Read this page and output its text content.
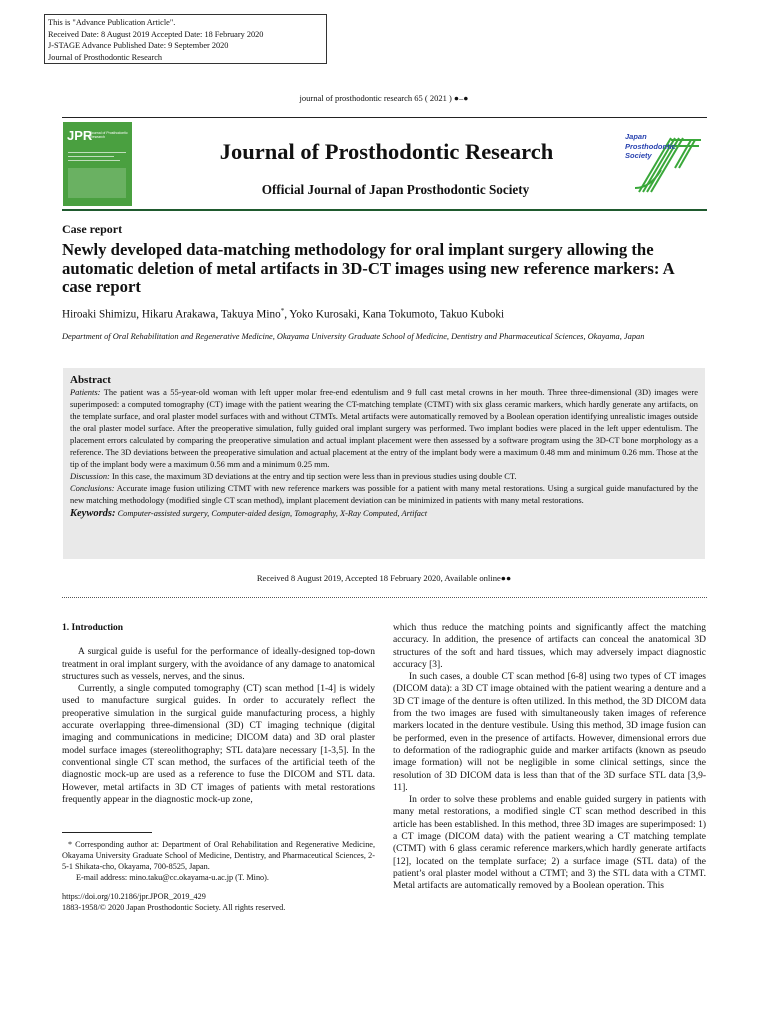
This is "Advance Publication Article".
Received Date: 8 August 2019 Accepted Date: 18 February 2020
J-STAGE Advance Published Date: 9 September 2020
Journal of Prosthodontic Research
journal of prosthodontic research 65 ( 2021 ) ●–●
JPR
Journal of Prosthodontic Research
Journal of Prosthodontic Research
Official Journal of Japan Prosthodontic Society
Japan
Prosthodontic
Society
Case report
Newly developed data-matching methodology for oral implant surgery allowing the automatic deletion of metal artifacts in 3D-CT images using new reference markers: A case report
Hiroaki Shimizu, Hikaru Arakawa, Takuya Mino*, Yoko Kurosaki, Kana Tokumoto, Takuo Kuboki
Department of Oral Rehabilitation and Regenerative Medicine, Okayama University Graduate School of Medicine, Dentistry and Pharmaceutical Sciences, Okayama, Japan
Abstract

Patients: The patient was a 55-year-old woman with left upper molar free-end edentulism and 9 full cast metal crowns in her mouth. Three three-dimensional (3D) images were superimposed: a computed tomography (CT) image with the patient wearing the CT-matching template (CTMT) with six glass ceramic markers, which hardly generate any artifacts, on the template surface, and oral plaster model surfaces with and without CTMTs. Metal artifacts were automatically removed by a Boolean operation identifying unrealistic images outside the oral plaster model surface. After the preoperative simulation, fully guided oral implant surgery was performed. Two implant bodies were placed in the left upper edentulism. The placement errors calculated by comparing the preoperative simulation and actual implant placement were then assessed by a software program using the 3D-CT bone morphology as a reference. The 3D deviations between the preoperative simulation and actual placement at the entry of the implant body were a maximum 0.48 mm and minimum 0.26 mm. Those at the tip of the implant body were a maximum 0.56 mm and a minimum 0.25 mm.
Discussion: In this case, the maximum 3D deviations at the entry and tip section were less than in previous studies using double CT.
Conclusions: Accurate image fusion utilizing CTMT with new reference markers was possible for a patient with many metal restorations. Using a surgical guide manufactured by the new matching methodology (modified single CT scan method), implant placement deviation can be minimized in patients with many metal restorations.

Keywords: Computer-assisted surgery, Computer-aided design, Tomography, X-Ray Computed, Artifact
Received 8 August 2019, Accepted 18 February 2020, Available online●●
1. Introduction

A surgical guide is useful for the performance of ideally-designed top-down treatment in oral implant surgery, with the avoidance of any damage to anatomical structures such as vessels, nerves, and the sinus.

Currently, a single computed tomography (CT) scan method [1-4] is widely used to manufacture surgical guides. In order to accurately reflect the preoperative simulation in the surgical guide manufacturing process, a highly accurate overlapping three-dimensional (3D) CT imaging technique (digital imaging and communications in medicine; DICOM data) and 3D oral plaster model surface images (stereolithography; STL data)are necessary [1-3,5]. In the conventional single CT scan method, the surfaces of the artificial teeth of the diagnostic mock-up are used as a reference to fuse the DICOM and STL data. However, metal artifacts in 3D CT images of patients with metal restorations frequently appear in the diagnostic mock-up zone,

which thus reduce the matching points and significantly affect the matching accuracy. In addition, the presence of artifacts can conceal the anatomical 3D structures of the soft and hard tissues, which may adversely impact diagnostic accuracy [3].

In such cases, a double CT scan method [6-8] using two types of CT images (DICOM data): a 3D CT image obtained with the patient wearing a denture and a 3D CT image of the denture is often utilized. In this method, the 3D DICOM data from the two images are fused with simultaneously taken images of reference markers located in the denture vestibule. Using this method, 3D image fusion can be performed, even in the presence of artifacts. However, dimensional errors due to deformation of the radiographic guide and marker artifacts (known as pseudo image formation) will not be negligible in some clinical settings, since the resolution of 3D DICOM data is less than that of the 3D surface STL data [3,9-11].

In order to solve these problems and enable guided surgery in patients with many metal restorations, a modified single CT scan method described in this article has been established. In this method, three 3D images are superimposed: 1) a CT image (DICOM data) with the patient wearing a CT matching template (CTMT) with 6 glass ceramic reference markers,which hardly generate artifacts [12], located on the template surface; 2) a surface image (STL data) of the patient’s oral plaster model without a CTMT; and 3) the STL data with a CTMT. Metal artifacts are automatically removed by a Boolean operation. This

* Corresponding author at: Department of Oral Rehabilitation and Regenerative Medicine, Okayama University Graduate School of Medicine, Dentistry, and Pharmaceutical Sciences, 2-5-1 Shikata-cho, Okayama, 700-8525, Japan.
E-mail address: mino.taku@cc.okayama-u.ac.jp (T. Mino).
https://doi.org/10.2186/jpr.JPOR_2019_429
1883-1958/© 2020 Japan Prosthodontic Society. All rights reserved.
